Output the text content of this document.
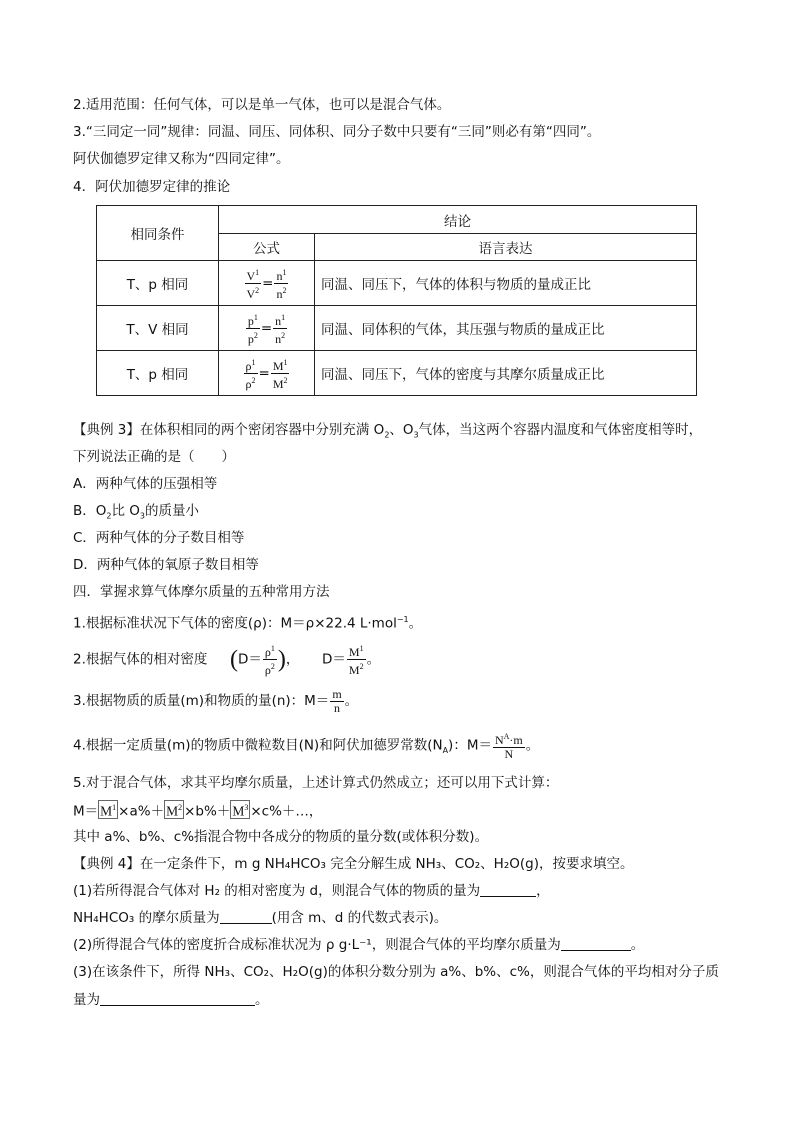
2.适用范围：任何气体，可以是单一气体，也可以是混合气体。
3.“三同定一同”规律：同温、同压、同体积、同分子数中只要有“三同”则必有第“四同”。
阿伏伽德罗定律又称为“四同定律”。
4．阿伏加德罗定律的推论
相同条件	结论	
	公式	语言表达
T、p 相同	$\frac{V^1}{V^2} = \frac{n^1}{n^2}$	同温、同压下，气体的体积与物质的量成正比
T、V 相同	$\frac{p^1}{p^2} = \frac{n^1}{n^2}$	同温、同体积的气体，其压强与物质的量成正比
T、p 相同	$\frac{\rho^1}{\rho^2} = \frac{M^1}{M^2}$	同温、同压下，气体的密度与其摩尔质量成正比
【典例 3】在体积相同的两个密闭容器中分别充满 $O_2$、$O_3$气体，当这两个容器内温度和气体密度相等时，
下列说法正确的是（　　）
A．两种气体的压强相等
B．$O_2$比 $O_3$的质量小
C．两种气体的分子数目相等
D．两种气体的氧原子数目相等
四．掌握求算气体摩尔质量的五种常用方法
1.根据标准状况下气体的密度(ρ)：M＝ρ×22.4 L·mol$^{-1}$。
2.根据气体的相对密度 ($D= \frac{\rho^1}{\rho^2}$ )，  $D= \frac{M^1}{M^2}$ 。
3.根据物质的质量(m)和物质的量(n)：$M= \frac{m}{n}$ 。
4.根据一定质量(m)的物质中微粒数目(N)和阿伏加德罗常数$(N_A)$：$M= \frac{N^A\cdot m}{N}$ 。
5.对于混合气体，求其平均摩尔质量，上述计算式仍然成立；还可以用下式计算：
$M= M^1 \times a\%+ M^2 \times b\%+ M^3$ ×c%＋…，
其中 a%、b%、c%指混合物中各成分的物质的量分数(或体积分数)。
【典例 4】在一定条件下，m g NH₄HCO₃ 完全分解生成 NH₃、CO₂、H₂O(g)，按要求填空。
(1)若所得混合气体对 H₂ 的相对密度为 d，则混合气体的物质的量为	，
NH₄HCO₃ 的摩尔质量为	(用含 m、d 的代数式表示)。
(2)所得混合气体的密度折合成标准状况为 ρ g·L⁻¹，则混合气体的平均摩尔质量为	。
(3)在该条件下，所得 NH₃、CO₂、H₂O(g)的体积分数分别为 a%、b%、c%，则混合气体的平均相对分子质
量为	。
